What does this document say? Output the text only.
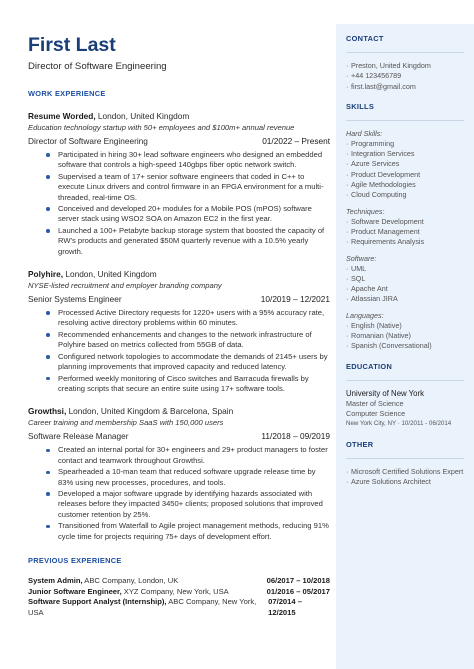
First Last
Director of Software Engineering
WORK EXPERIENCE
Resume Worded, London, United Kingdom
Education technology startup with 50+ employees and $100m+ annual revenue
Director of Software Engineering	01/2022 – Present
Participated in hiring 30+ lead software engineers who designed an embedded software that controls a high-speed 140gbps fiber optic network switch.
Supervised a team of 17+ senior software engineers that coded in C++ to execute Linux drivers and control firmware in an FPGA environment for a multi-threaded, real-time OS.
Conceived and developed 20+ modules for a Mobile POS (mPOS) software server stack using WSO2 SOA on Amazon EC2 in the first year.
Launched a 100+ Petabyte backup storage system that boosted the capacity of RW's products and generated $50M quarterly revenue with a 10.5% yearly growth.
Polyhire, London, United Kingdom
NYSE-listed recruitment and employer branding company
Senior Systems Engineer	10/2019 – 12/2021
Processed Active Directory requests for 1220+ users with a 95% accuracy rate, resolving active directory problems within 60 minutes.
Recommended enhancements and changes to the network infrastructure of Polyhire based on metrics collected from 55GB of data.
Configured network topologies to accommodate the demands of 2145+ users by planning improvements that improved capacity and reduced latency.
Performed weekly monitoring of Cisco switches and Barracuda firewalls by creating scripts that secure an entire suite using 17+ software tools.
Growthsi, London, United Kingdom & Barcelona, Spain
Career training and membership SaaS with 150,000 users
Software Release Manager	11/2018 – 09/2019
Created an internal portal for 30+ engineers and 29+ product managers to foster contact and teamwork throughout Growthsi.
Spearheaded a 10-man team that reduced software upgrade release time by 83% using new processes, procedures, and tools.
Developed a major software upgrade by identifying hazards associated with releases before they impacted 3450+ clients; proposed solutions that improved customer retention by 25%.
Transitioned from Waterfall to Agile project management methods, reducing 91% cycle time for projects requiring 75+ days of development effort.
PREVIOUS EXPERIENCE
System Admin, ABC Company, London, UK	06/2017 – 10/2018
Junior Software Engineer, XYZ Company, New York, USA	01/2016 – 05/2017
Software Support Analyst (Internship), ABC Company, New York, USA
07/2014 – 12/2015
CONTACT
· Preston, United Kingdom
· +44 123456789
· first.last@gmail.com
SKILLS
Hard Skills:
· Programming
· Integration Services
· Azure Services
· Product Development
· Agile Methodologies
· Cloud Computing
Techniques:
· Software Development
· Product Management
· Requirements Analysis
Software:
· UML
· SQL
· Apache Ant
· Atlassian JIRA
Languages:
· English (Native)
· Romanian (Native)
· Spanish (Conversational)
EDUCATION
University of New York
Master of Science
Computer Science
New York City, NY · 10/2011 - 06/2014
OTHER
· Microsoft Certified Solutions Expert
· Azure Solutions Architect
